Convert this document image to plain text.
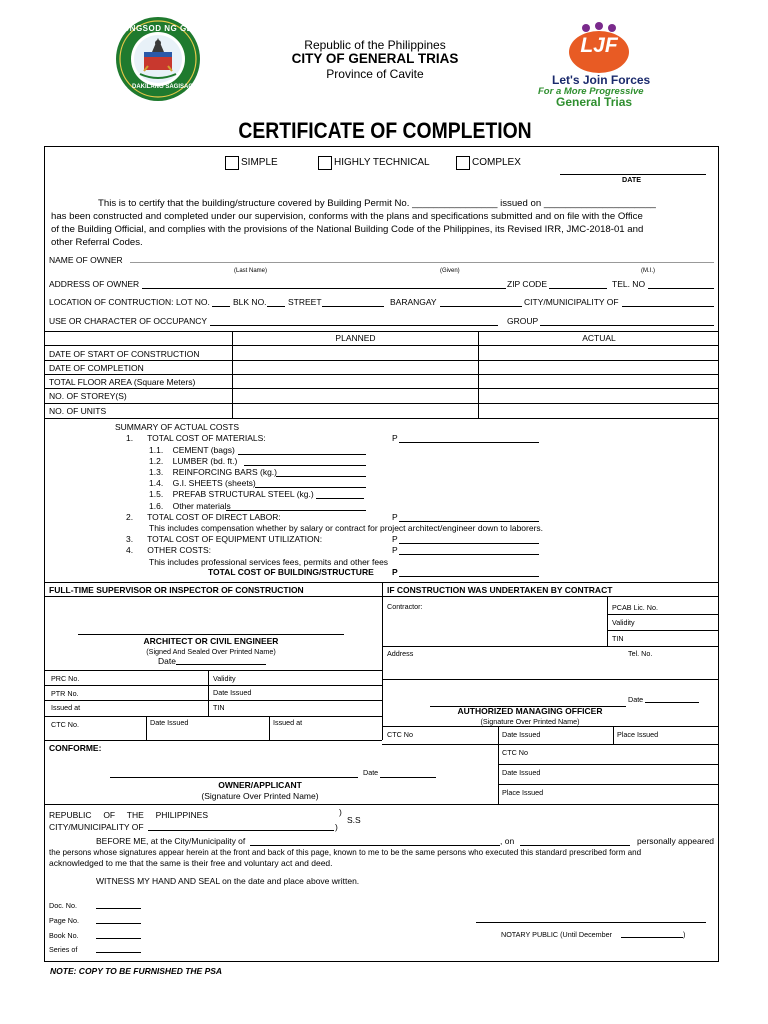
LUNGSOD NG GENERAL TRIAS
DAKILANG SAGISAG
Republic of the Philippines
CITY OF GENERAL TRIAS
Province of Cavite
LJF
Let's Join Forces
For a More Progressive
General Trias
CERTIFICATE OF COMPLETION
SIMPLE	HIGHLY TECHNICAL	COMPLEX
DATE
This is to certify that the building/structure covered by Building Permit No. ________________ issued on _____________________
has been constructed and completed under our supervision, conforms with the plans and specifications submitted and on file with the Office
of the Building Official, and complies with the provisions of the National Building Code of the Philippines, its Revised IRR, JMC-2018-01 and
other Referral Codes.
NAME OF OWNER
(Last Name)	(Given)	(M.I.)
ADDRESS OF OWNER	ZIP CODE	TEL. NO
LOCATION OF CONTRUCTION: LOT NO.	BLK NO.	STREET	BARANGAY	CITY/MUNICIPALITY OF
USE OR CHARACTER OF OCCUPANCY	GROUP
PLANNED	ACTUAL
DATE OF START OF CONSTRUCTION
DATE OF COMPLETION
TOTAL FLOOR AREA (Square Meters)
NO. OF STOREY(S)
NO. OF UNITS
SUMMARY OF ACTUAL COSTS
1.      TOTAL COST OF MATERIALS:	P
1.1.    CEMENT (bags)
1.2.    LUMBER (bd. ft.)
1.3.    REINFORCING BARS (kg.)
1.4.    G.I. SHEETS (sheets)
1.5.    PREFAB STRUCTURAL STEEL (kg.)
1.6.    Other materials
2.      TOTAL COST OF DIRECT LABOR:	P
This includes compensation whether by salary or contract for project architect/engineer down to laborers.
3.      TOTAL COST OF EQUIPMENT UTILIZATION:	P
4.      OTHER COSTS:	P
This includes professional services fees, permits and other fees
TOTAL COST OF BUILDING/STRUCTURE P
FULL-TIME SUPERVISOR OR INSPECTOR OF CONSTRUCTION	IF CONSTRUCTION WAS UNDERTAKEN BY CONTRACT
ARCHITECT OR CIVIL ENGINEER
(Signed And Sealed Over Printed Name)
Date
PRC No.	Validity
PTR No.	Date Issued
Issued at	TIN
CTC No.	Date Issued	Issued at
Contractor:	PCAB Lic. No.
Validity
TIN
Address	Tel. No.
Date
AUTHORIZED MANAGING OFFICER
(Signature Over Printed Name)
CTC No	Date Issued	Place Issued
CONFORME:
Date
OWNER/APPLICANT
(Signature Over Printed Name)
CTC No
Date Issued
Place Issued
REPUBLIC     OF     THE     PHILIPPINES	)
S.S
CITY/MUNICIPALITY OF	)
BEFORE ME, at the City/Municipality of	, on	personally appeared
the persons whose signatures appear herein at the front and back of this page, known to me to be the same persons who executed this standard prescribed form and
acknowledged to me that the same is their free and voluntary act and deed.
WITNESS MY HAND AND SEAL on the date and place above written.
Doc. No.
Page No.
Book No.
Series of
NOTARY PUBLIC (Until December	)
NOTE: COPY TO BE FURNISHED THE PSA
